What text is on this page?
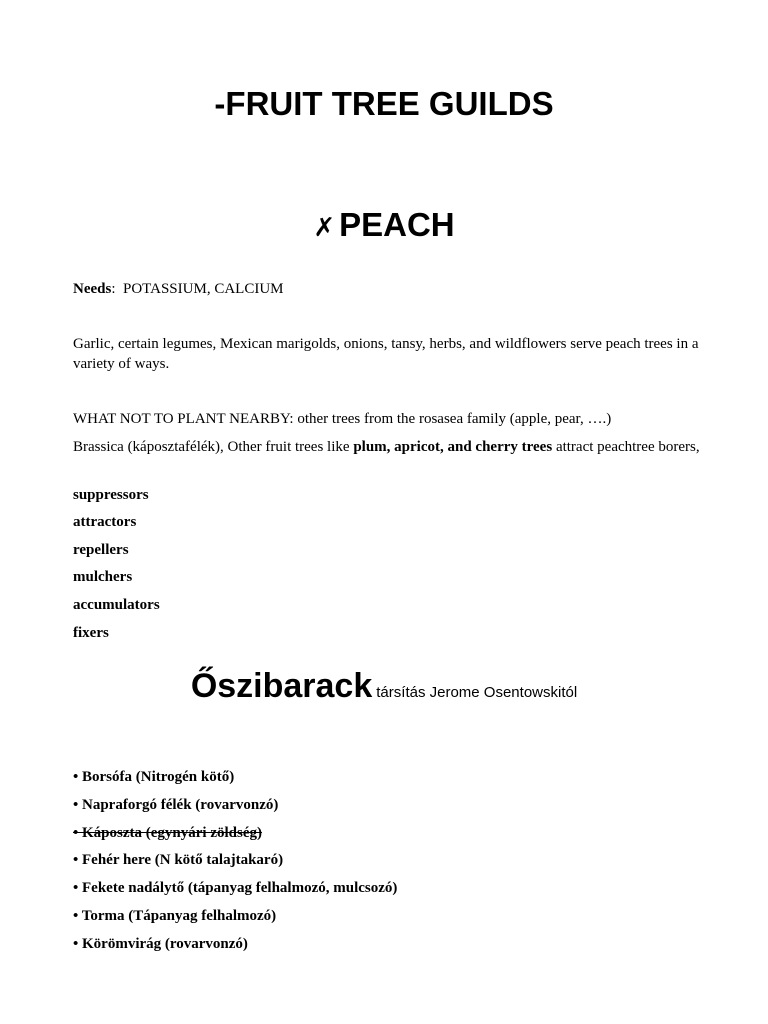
-FRUIT TREE GUILDS
✗ PEACH
Needs: POTASSIUM, CALCIUM
Garlic, certain legumes, Mexican marigolds, onions, tansy, herbs, and wildflowers serve peach trees in a variety of ways.
WHAT NOT TO PLANT NEARBY: other trees from the rosasea family (apple, pear, ….)
Brassica (káposztafélék), Other fruit trees like plum, apricot, and cherry trees attract peachtree borers,
suppressors
attractors
repellers
mulchers
accumulators
fixers
Őszibarack társítás Jerome Osentowskitól
• Borsófa (Nitrogén kötő)
• Napraforgó félék (rovarvonzó)
• Káposzta (egynyári zöldség)
• Fehér here (N kötő talajtakaró)
• Fekete nadálytő (tápanyag felhalmozó, mulcsozó)
• Torma (Tápanyag felhalmozó)
• Körömvirág (rovarvonzó)
